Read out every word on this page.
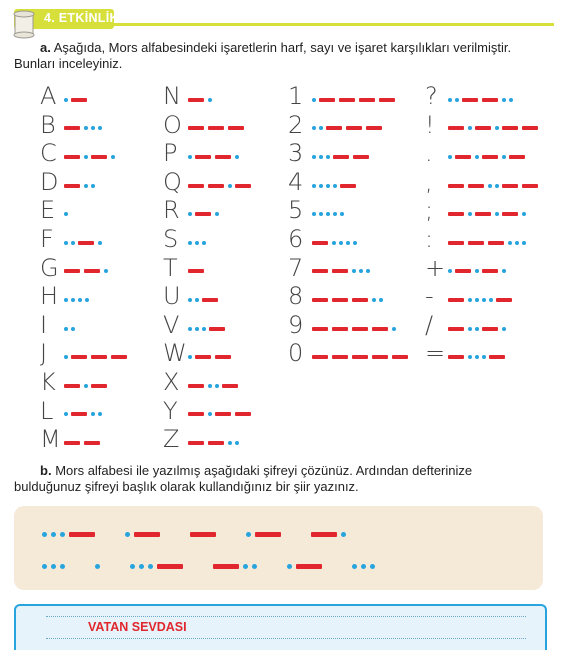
4. ETKİNLİK
a. Aşağıda, Mors alfabesindeki işaretlerin harf, sayı ve işaret karşılıkları verilmiştir. Bunları inceleyiniz.
A
B
C
D
E
F
G
H
I
J
K
L
M
N
O
P
Q
R
S
T
U
V
W
X
Y
Z
1
2
3
4
5
6
7
8
9
0
?
!
.
,
;
:
+
-
/
=
b. Mors alfabesi ile yazılmış aşağıdaki şifreyi çözünüz. Ardından defterinize bulduğunuz şifreyi başlık olarak kullandığınız bir şiir yazınız.
VATAN SEVDASI
